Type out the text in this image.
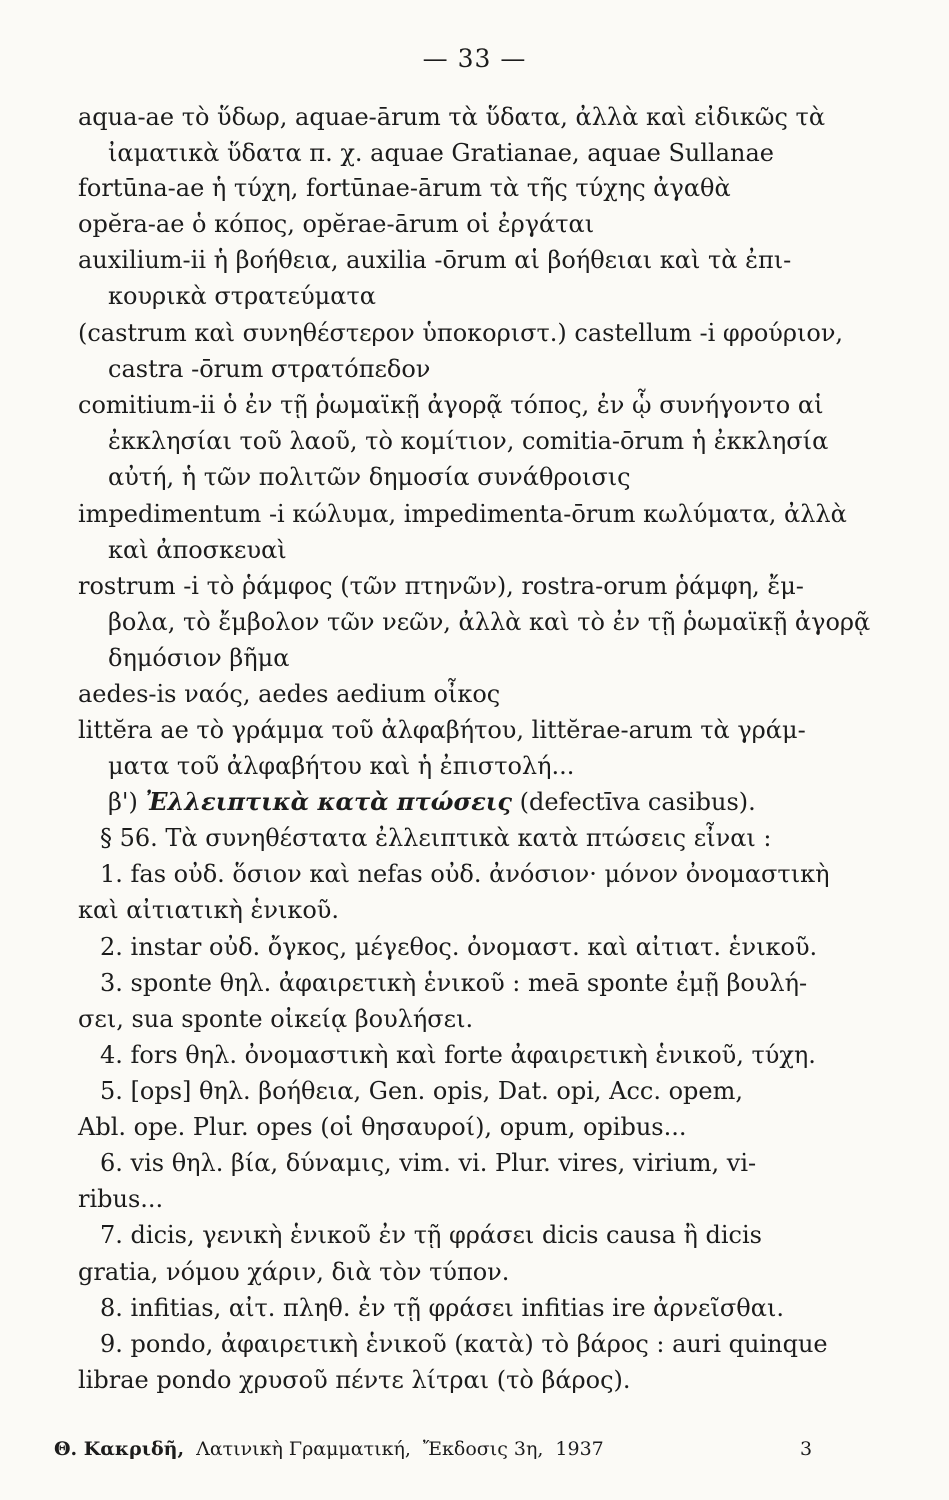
— 33 —
aqua-ae τὸ ὕδωρ, aquae-ārum τὰ ὕδατα, ἀλλὰ καὶ εἰδικῶς τὰ
ἰαματικὰ ὕδατα π. χ. aquae Gratianae, aquae Sullanae
fortūna-ae ἡ τύχη, fortūnae-ārum τὰ τῆς τύχης ἀγαθὰ
opĕra-ae ὁ κόπος, opĕrae-ārum οἱ ἐργάται
auxilium-ii ἡ βοήθεια, auxilia -ōrum αἱ βοήθειαι καὶ τὰ ἐπι-
κουρικὰ στρατεύματα
(castrum καὶ συνηθέστερον ὑποκοριστ.) castellum -i φρούριον,
castra -ōrum στρατόπεδον
comitium-ii ὁ ἐν τῇ ῥωμαϊκῇ ἀγορᾷ τόπος, ἐν ᾧ συνήγοντο αἱ
ἐκκλησίαι τοῦ λαοῦ, τὸ κομίτιον, comitia-ōrum ἡ ἐκκλησία
αὐτή, ἡ τῶν πολιτῶν δημοσία συνάθροισις
impedimentum -i κώλυμα, impedimenta-ōrum κωλύματα, ἀλλὰ
καὶ ἀποσκευαὶ
rostrum -i τὸ ῥάμφος (τῶν πτηνῶν), rostra-orum ῥάμφη, ἔμ-
βολα, τὸ ἔμβολον τῶν νεῶν, ἀλλὰ καὶ τὸ ἐν τῇ ῥωμαϊκῇ ἀγορᾷ
δημόσιον βῆμα
aedes-is ναός, aedes aedium οἶκος
littĕra ae τὸ γράμμα τοῦ ἀλφαβήτου, littĕrae-arum τὰ γράμ-
ματα τοῦ ἀλφαβήτου καὶ ἡ ἐπιστολή...
β') Ἐλλειπτικὰ κατὰ πτώσεις (defectīva casibus).
§ 56. Τὰ συνηθέστατα ἐλλειπτικὰ κατὰ πτώσεις εἶναι :
1. fas οὐδ. ὅσιον καὶ nefas οὐδ. ἀνόσιον· μόνον ὀνομαστικὴ
καὶ αἰτιατικὴ ἑνικοῦ.
2. instar οὐδ. ὄγκος, μέγεθος. ὀνομαστ. καὶ αἰτιατ. ἑνικοῦ.
3. sponte θηλ. ἀφαιρετικὴ ἑνικοῦ : meā sponte ἐμῇ βουλή-
σει, sua sponte οἰκείᾳ βουλήσει.
4. fors θηλ. ὀνομαστικὴ καὶ forte ἀφαιρετικὴ ἑνικοῦ, τύχη.
5. [ops] θηλ. βοήθεια, Gen. opis, Dat. opi, Acc. opem,
Abl. ope. Plur. opes (οἱ θησαυροί), opum, opibus...
6. vis θηλ. βία, δύναμις, vim. vi. Plur. vires, virium, vi-
ribus...
7. dicis, γενικὴ ἑνικοῦ ἐν τῇ φράσει dicis causa ἢ dicis
gratia, νόμου χάριν, διὰ τὸν τύπον.
8. infitias, αἰτ. πληθ. ἐν τῇ φράσει infitias ire ἀρνεῖσθαι.
9. pondo, ἀφαιρετικὴ ἑνικοῦ (κατὰ) τὸ βάρος : auri quinque
librae pondo χρυσοῦ πέντε λίτραι (τὸ βάρος).
Θ. Κακριδῆ, Λατινικὴ Γραμματική, Ἔκδοσις 3η, 1937	3
